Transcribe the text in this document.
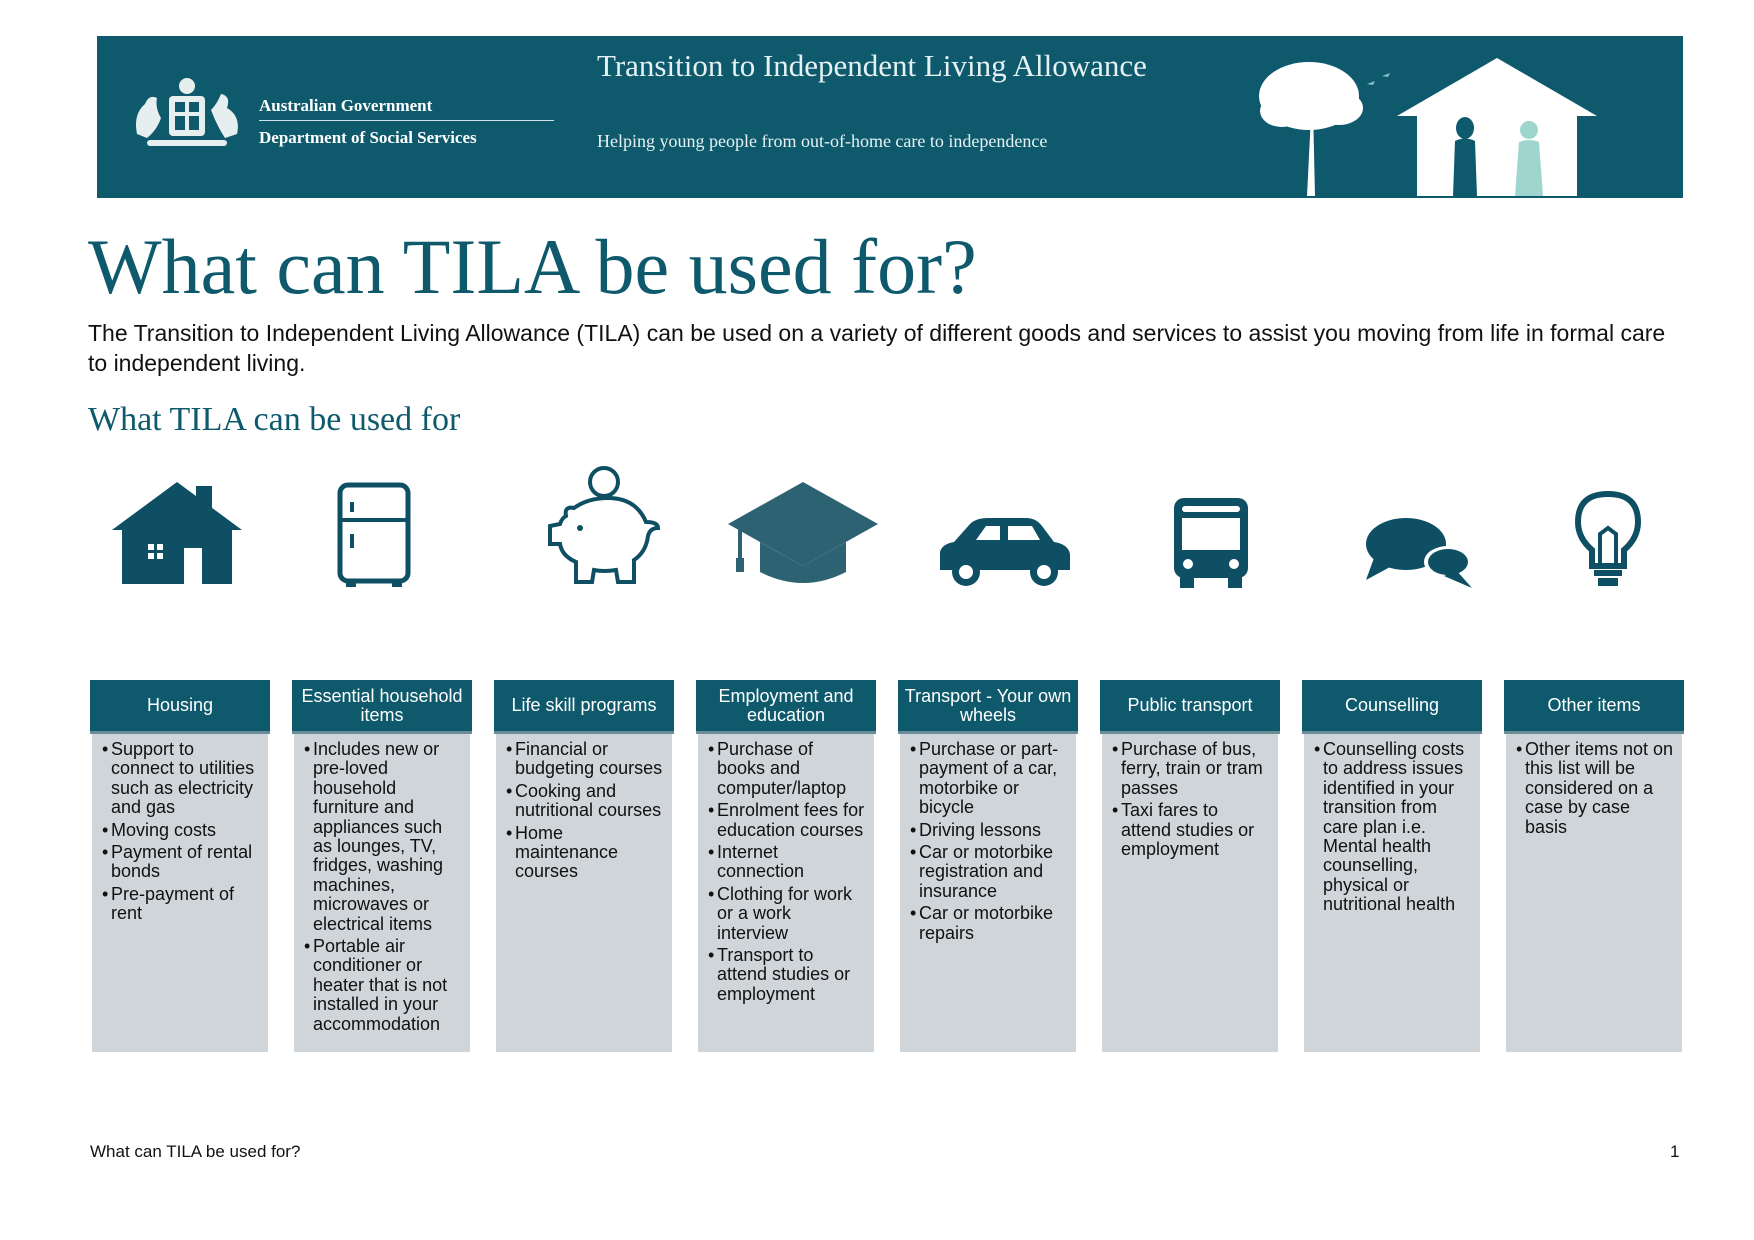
Australian Government
Department of Social Services
Transition to Independent Living Allowance
Helping young people from out-of-home care to independence
What can TILA be used for?

The Transition to Independent Living Allowance (TILA) can be used on a variety of different goods and services to assist you moving from life in formal care to independent living.

What TILA can be used for
Housing
• Support to connect to utilities such as electricity and gas
• Moving costs
• Payment of rental bonds
• Pre-payment of rent
Essential household items
• Includes new or pre-loved household furniture and appliances such as lounges, TV, fridges, washing machines, microwaves or electrical items
• Portable air conditioner or heater that is not installed in your accommodation
Life skill programs
• Financial or budgeting courses
• Cooking and nutritional courses
• Home maintenance courses
Employment and education
• Purchase of books and computer/laptop
• Enrolment fees for education courses
• Internet connection
• Clothing for work or a work interview
• Transport to attend studies or employment
Transport - Your own wheels
• Purchase or part-payment of a car, motorbike or bicycle
• Driving lessons
• Car or motorbike registration and insurance
• Car or motorbike repairs
Public transport
• Purchase of bus, ferry, train or tram passes
• Taxi fares to attend studies or employment
Counselling
• Counselling costs to address issues identified in your transition from care plan i.e. Mental health counselling, physical or nutritional health
Other items
• Other items not on this list will be considered on a case by case basis
What can TILA be used for?	1
